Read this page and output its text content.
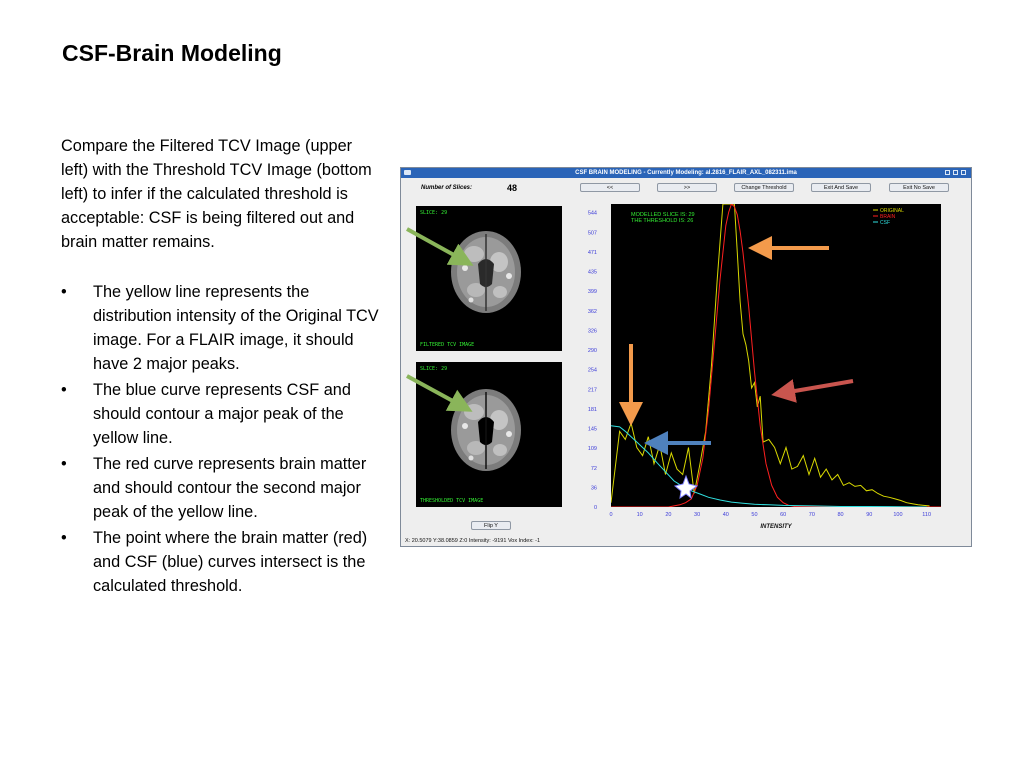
CSF-Brain Modeling
Compare the Filtered TCV Image (upper left) with the Threshold TCV Image (bottom left) to infer if the calculated threshold is acceptable: CSF is being filtered out and brain matter remains.
• The yellow line represents the distribution intensity of the Original TCV image. For a FLAIR image, it should have 2 major peaks.
• The blue curve represents CSF and should contour a major peak of the yellow line.
• The red curve represents brain matter and should contour the second major peak of the yellow line.
• The point where the brain matter (red) and CSF (blue) curves intersect is the calculated threshold.
CSF BRAIN MODELING - Currently Modeling: al.2816_FLAIR_AXL_082311.ima
Number of Slices:	48	<<	>>	Change Threshold	Exit And Save	Exit No Save
SLICE: 29
FILTERED TCV IMAGE
SLICE: 29
THRESHOLDED TCV IMAGE
Flip Y
0	10	20	30	40	50	60	70	80	90	100	110
0
36
72
109
145
181
217
254
290
326
362
399
435
471
507
544	ORIGINAL
BRAIN
CSF
MODELLED SLICE IS: 29
THE THRESHOLD IS: 26
INTENSITY
X: 20.5079 Y:38.0859 Z:0 Intensity: -9191 Vox Index: -1
